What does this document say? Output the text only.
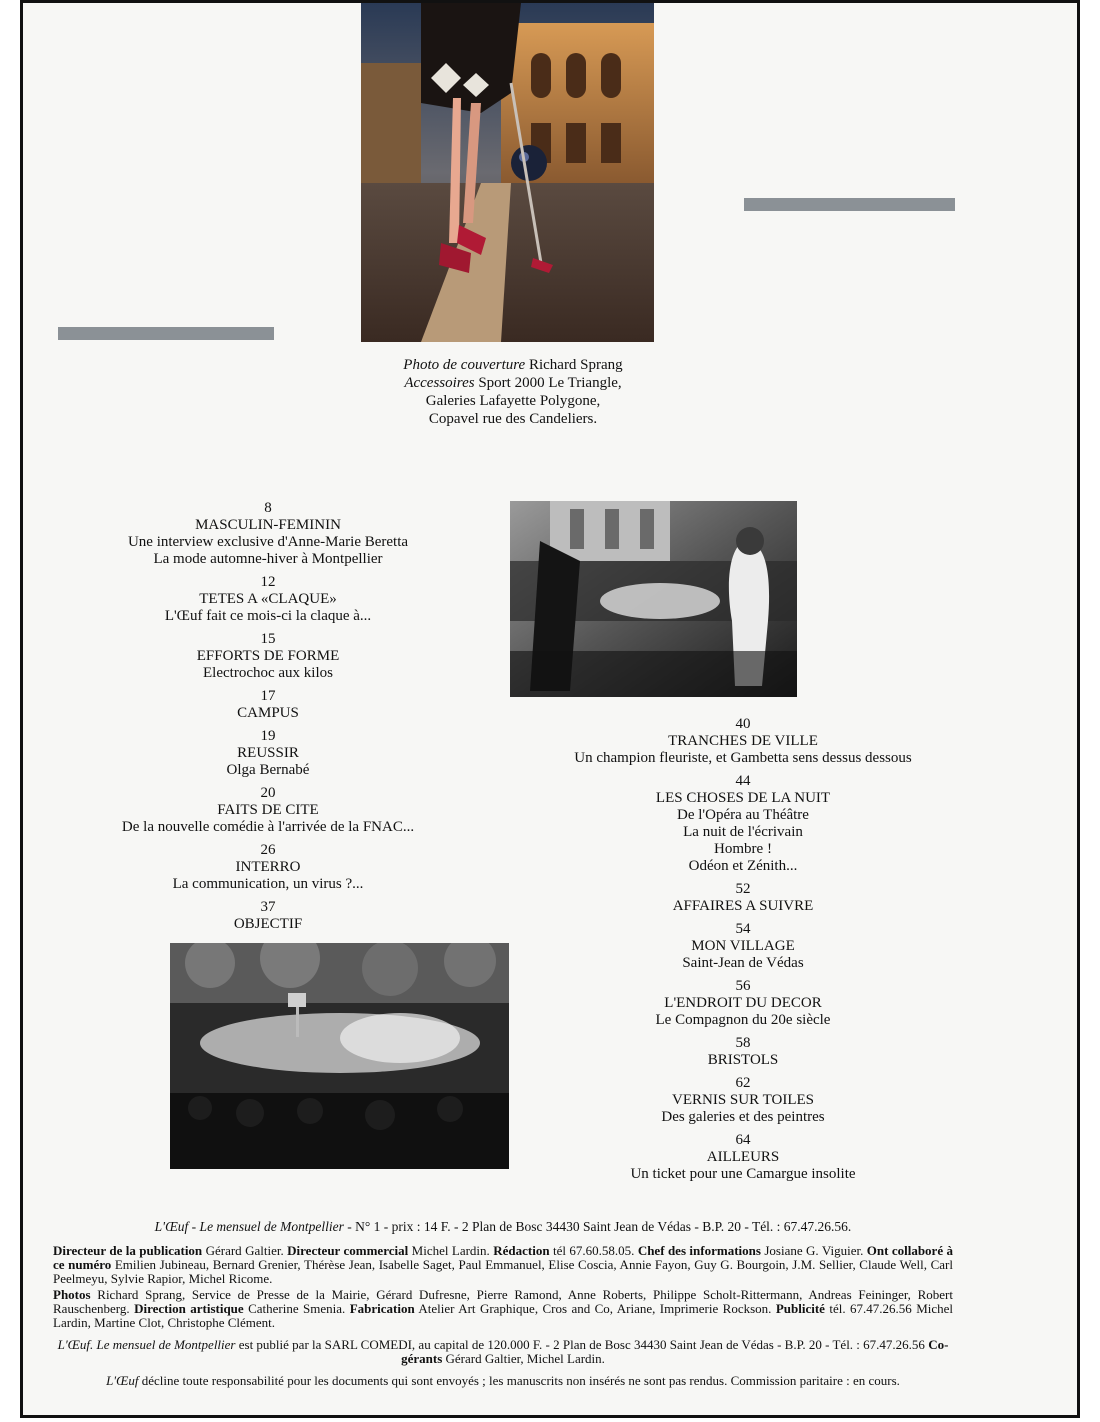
Photo de couverture Richard Sprang
Accessoires Sport 2000 Le Triangle,
Galeries Lafayette Polygone,
Copavel rue des Candeliers.
8
MASCULIN-FEMININ
Une interview exclusive d'Anne-Marie Beretta
La mode automne-hiver à Montpellier
12
TETES A «CLAQUE»
L'Œuf fait ce mois-ci la claque à...
15
EFFORTS DE FORME
Electrochoc aux kilos
17
CAMPUS
19
REUSSIR
Olga Bernabé
20
FAITS DE CITE
De la nouvelle comédie à l'arrivée de la FNAC...
26
INTERRO
La communication, un virus ?...
37
OBJECTIF
40
TRANCHES DE VILLE
Un champion fleuriste, et Gambetta sens dessus dessous
44
LES CHOSES DE LA NUIT
De l'Opéra au Théâtre
La nuit de l'écrivain
Hombre !
Odéon et Zénith...
52
AFFAIRES A SUIVRE
54
MON VILLAGE
Saint-Jean de Védas
56
L'ENDROIT DU DECOR
Le Compagnon du 20e siècle
58
BRISTOLS
62
VERNIS SUR TOILES
Des galeries et des peintres
64
AILLEURS
Un ticket pour une Camargue insolite

L'Œuf - Le mensuel de Montpellier - N° 1 - prix : 14 F. - 2 Plan de Bosc 34430 Saint Jean de Védas - B.P. 20 - Tél. : 67.47.26.56.

Directeur de la publication Gérard Galtier. Directeur commercial Michel Lardin. Rédaction tél 67.60.58.05. Chef des informations Josiane G. Viguier. Ont collaboré à ce numéro Emilien Jubineau, Bernard Grenier, Thérèse Jean, Isabelle Saget, Paul Emmanuel, Elise Coscia, Annie Fayon, Guy G. Bourgoin, J.M. Sellier, Claude Well, Carl Peelmeyu, Sylvie Rapior, Michel Ricome.

Photos Richard Sprang, Service de Presse de la Mairie, Gérard Dufresne, Pierre Ramond, Anne Roberts, Philippe Scholt-Rittermann, Andreas Feininger, Robert Rauschenberg. Direction artistique Catherine Smenia. Fabrication Atelier Art Graphique, Cros and Co, Ariane, Imprimerie Rockson. Publicité tél. 67.47.26.56 Michel Lardin, Martine Clot, Christophe Clément.

L'Œuf. Le mensuel de Montpellier est publié par la SARL COMEDI, au capital de 120.000 F. - 2 Plan de Bosc 34430 Saint Jean de Védas - B.P. 20 - Tél. : 67.47.26.56 Co-gérants Gérard Galtier, Michel Lardin.

L'Œuf décline toute responsabilité pour les documents qui sont envoyés ; les manuscrits non insérés ne sont pas rendus. Commission paritaire : en cours.
